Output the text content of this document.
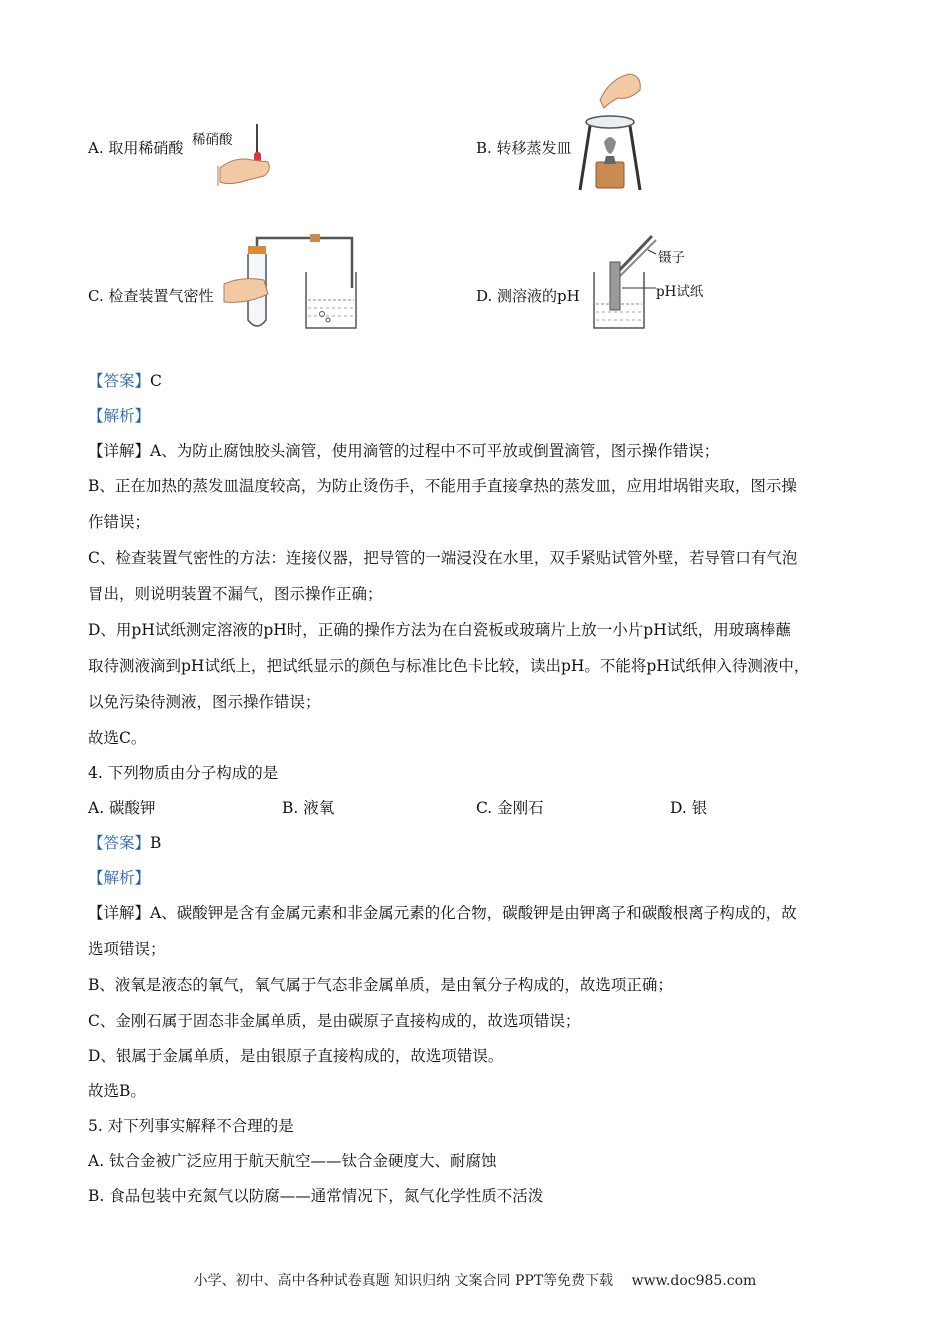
A. 取用稀硝酸	B. 转移蒸发皿
C. 检查装置气密性	D. 测溶液的pH
稀硝酸
镊子
pH试纸
【答案】C
【解析】
【详解】A、为防止腐蚀胶头滴管，使用滴管的过程中不可平放或倒置滴管，图示操作错误；
B、正在加热的蒸发皿温度较高，为防止烫伤手，不能用手直接拿热的蒸发皿，应用坩埚钳夹取，图示操
作错误；
C、检查装置气密性的方法：连接仪器，把导管的一端浸没在水里，双手紧贴试管外壁，若导管口有气泡
冒出，则说明装置不漏气，图示操作正确；
D、用pH试纸测定溶液的pH时，正确的操作方法为在白瓷板或玻璃片上放一小片pH试纸，用玻璃棒蘸
取待测液滴到pH试纸上，把试纸显示的颜色与标准比色卡比较，读出pH。不能将pH试纸伸入待测液中，
以免污染待测液，图示操作错误；
故选C。
4. 下列物质由分子构成的是
A. 碳酸钾	B. 液氧	C. 金刚石	D. 银
【答案】B
【解析】
【详解】A、碳酸钾是含有金属元素和非金属元素的化合物，碳酸钾是由钾离子和碳酸根离子构成的，故
选项错误；
B、液氧是液态的氧气，氧气属于气态非金属单质，是由氧分子构成的，故选项正确；
C、金刚石属于固态非金属单质，是由碳原子直接构成的，故选项错误；
D、银属于金属单质，是由银原子直接构成的，故选项错误。
故选B。
5. 对下列事实解释不合理的是
A. 钛合金被广泛应用于航天航空——钛合金硬度大、耐腐蚀
B. 食品包装中充氮气以防腐——通常情况下，氮气化学性质不活泼
小学、初中、高中各种试卷真题 知识归纳 文案合同 PPT等免费下载　 www.doc985.com
